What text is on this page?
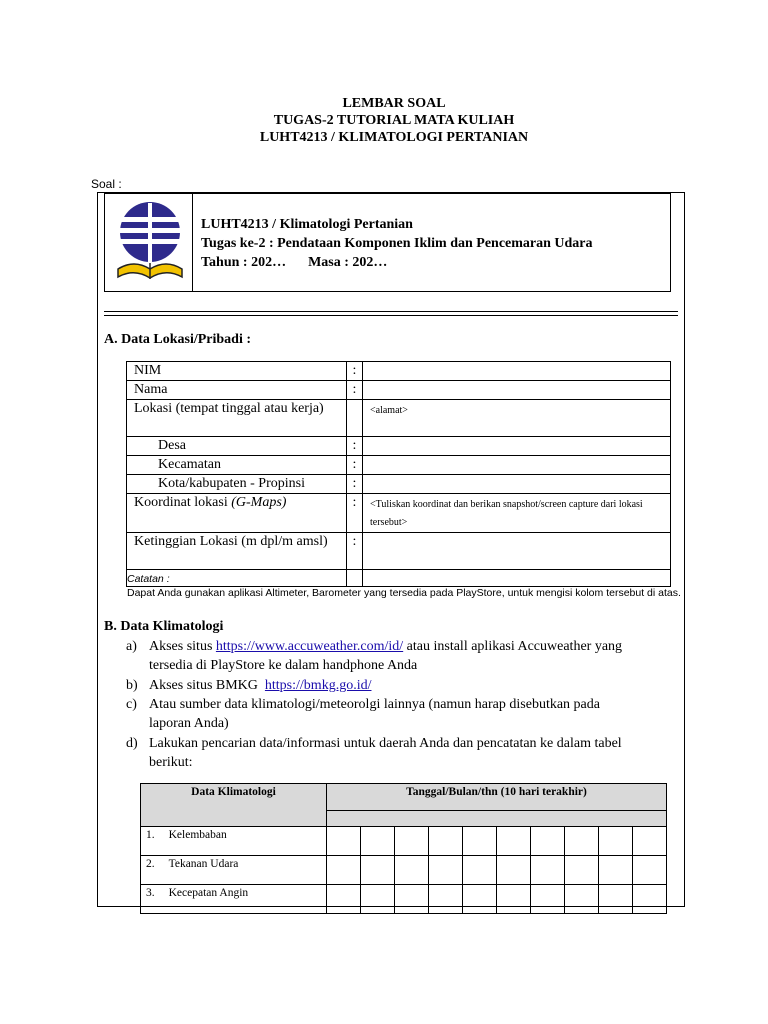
LEMBAR SOAL
TUGAS-2 TUTORIAL MATA KULIAH
LUHT4213 / KLIMATOLOGI PERTANIAN
Soal :
LUHT4213 / Klimatologi Pertanian
Tugas ke-2 : Pendataan Komponen Iklim dan Pencemaran Udara
Tahun : 202… Masa : 202…
A. Data Lokasi/Pribadi :
NIM	:	
Nama	:	
Lokasi (tempat tinggal atau kerja)		<alamat>
Desa	:	
Kecamatan	:	
Kota/kabupaten - Propinsi	:	
Koordinat lokasi (G-Maps)	:	<Tuliskan koordinat dan berikan snapshot/screen capture dari lokasi tersebut>
Ketinggian Lokasi (m dpl/m amsl)	:	

Catatan :
Dapat Anda gunakan aplikasi Altimeter, Barometer yang tersedia pada PlayStore, untuk mengisi kolom tersebut di atas.
B. Data Klimatologi
a) Akses situs https://www.accuweather.com/id/ atau install aplikasi Accuweather yang
tersedia di PlayStore ke dalam handphone Anda
b) Akses situs BMKG  https://bmkg.go.id/
c) Atau sumber data klimatologi/meteorolgi lainnya (namun harap disebutkan pada
laporan Anda)
d) Lakukan pencarian data/informasi untuk daerah Anda dan pencatatan ke dalam tabel
berikut:
Data Klimatologi	Tanggal/Bulan/thn (10 hari terakhir)									

1. Kelembaban										
2. Tekanan Udara										
3. Kecepatan Angin										
